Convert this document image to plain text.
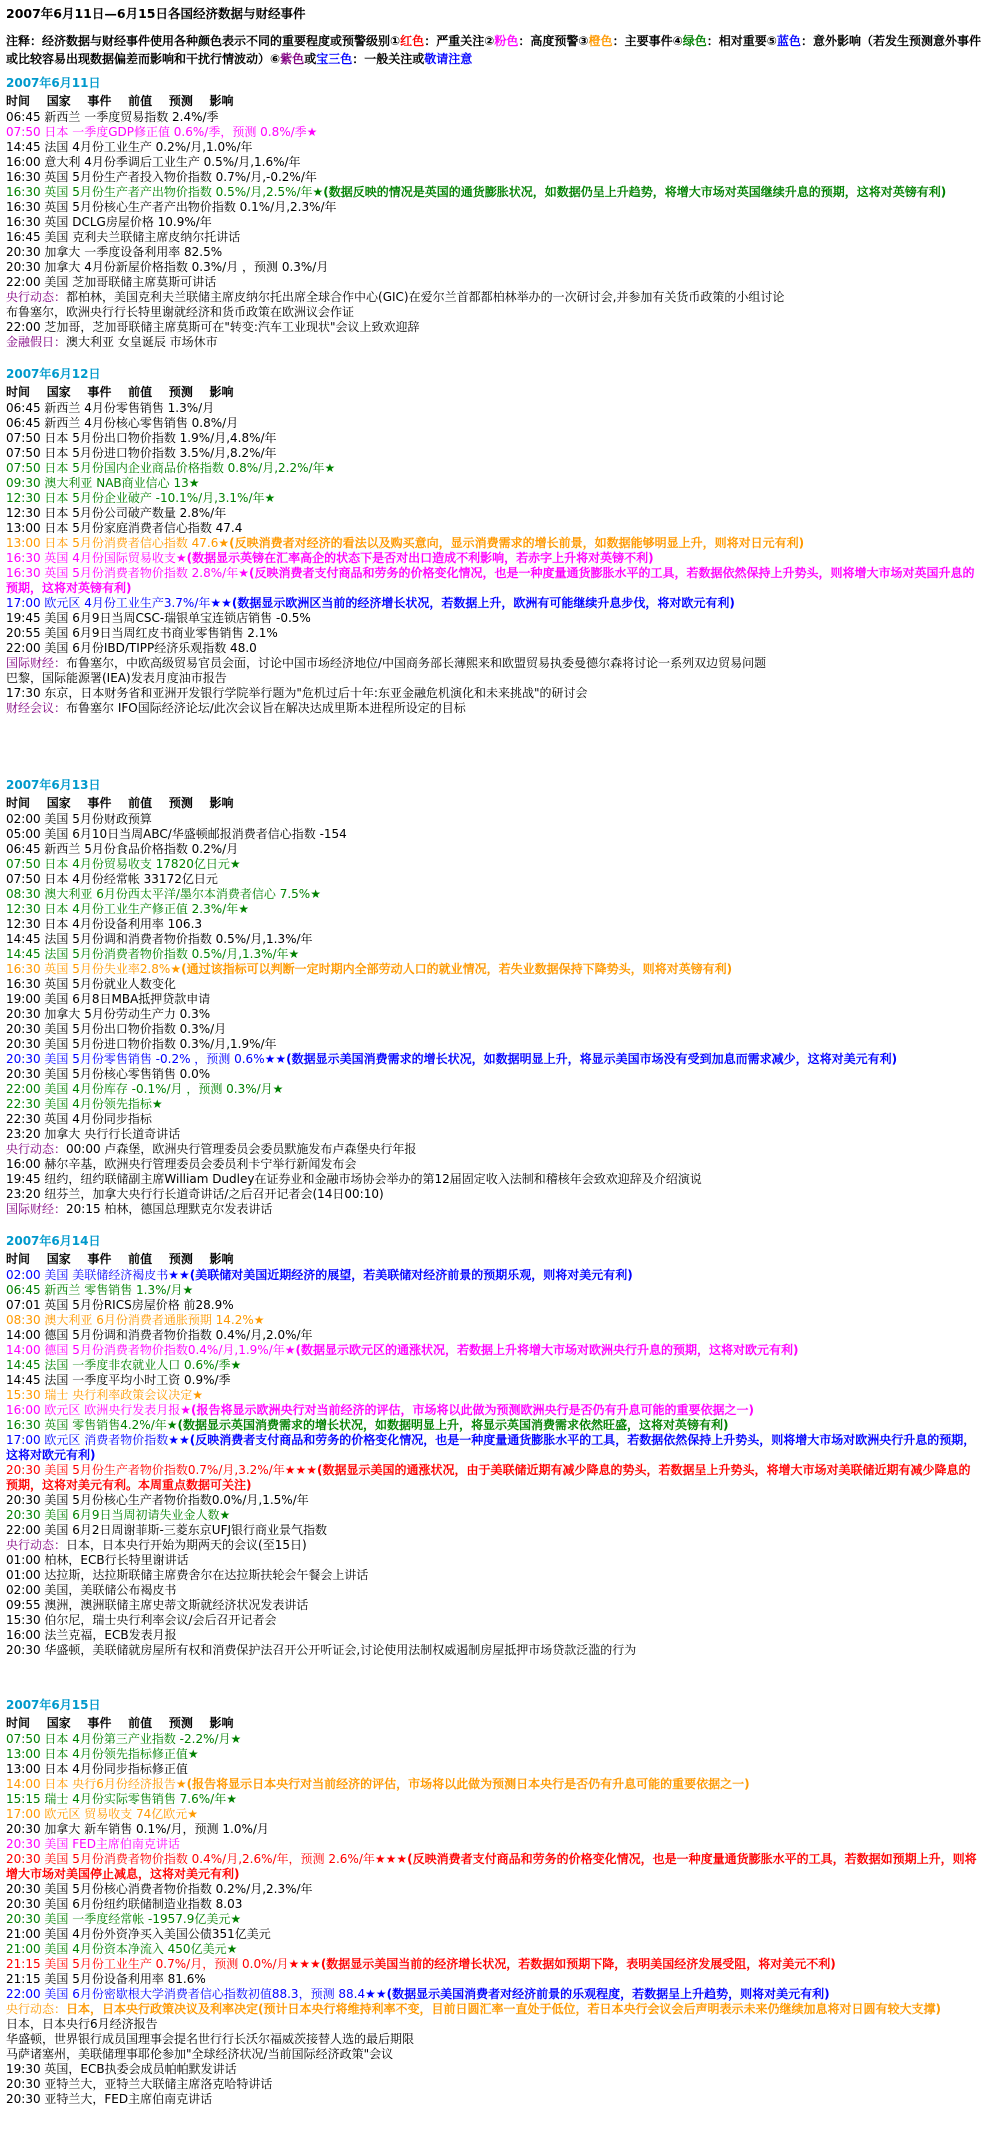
2007年6月11日—6月15日各国经济数据与财经事件
注释：经济数据与财经事件使用各种颜色表示不同的重要程度或预警级别①红色：严重关注②粉色：高度预警③橙色：主要事件④绿色：相对重要⑤蓝色：意外影响（若发生预测意外事件或比较容易出现数据偏差而影响和干扰行情波动）⑥紫色或宝三色：一般关注或敬请注意
2007年6月11日
时间    国家    事件    前值    预测    影响
06:45 新西兰 一季度贸易指数 2.4%/季
07:50 日本 一季度GDP修正值 0.6%/季，预测 0.8%/季★
14:45 法国 4月份工业生产 0.2%/月,1.0%/年
16:00 意大利 4月份季调后工业生产 0.5%/月,1.6%/年
16:30 英国 5月份生产者投入物价指数 0.7%/月,-0.2%/年
16:30 英国 5月份生产者产出物价指数 0.5%/月,2.5%/年★(数据反映的情况是英国的通货膨胀状况，如数据仍呈上升趋势，将增大市场对英国继续升息的预期，这将对英镑有利)
16:30 英国 5月份核心生产者产出物价指数 0.1%/月,2.3%/年
16:30 英国 DCLG房屋价格 10.9%/年
16:45 美国 克利夫兰联储主席皮纳尔托讲话
20:30 加拿大 一季度设备利用率 82.5%
20:30 加拿大 4月份新屋价格指数 0.3%/月 ，预测 0.3%/月
22:00 美国 芝加哥联储主席莫斯可讲话
央行动态：都柏林，美国克利夫兰联储主席皮纳尔托出席全球合作中心(GIC)在爱尔兰首都都柏林举办的一次研讨会,并参加有关货币政策的小组讨论
布鲁塞尔，欧洲央行行长特里谢就经济和货币政策在欧洲议会作证
22:00 芝加哥，芝加哥联储主席莫斯可在"转变:汽车工业现状"会议上致欢迎辞
金融假日：澳大利亚 女皇诞辰 市场休市
2007年6月12日
时间    国家    事件    前值    预测    影响
06:45 新西兰 4月份零售销售 1.3%/月
06:45 新西兰 4月份核心零售销售 0.8%/月
07:50 日本 5月份出口物价指数 1.9%/月,4.8%/年
07:50 日本 5月份进口物价指数 3.5%/月,8.2%/年
07:50 日本 5月份国内企业商品价格指数 0.8%/月,2.2%/年★
09:30 澳大利亚 NAB商业信心 13★
12:30 日本 5月份企业破产 -10.1%/月,3.1%/年★
12:30 日本 5月份公司破产数量 2.8%/年
13:00 日本 5月份家庭消费者信心指数 47.4
13:00 日本 5月份消费者信心指数 47.6★(反映消费者对经济的看法以及购买意向，显示消费需求的增长前景，如数据能够明显上升，则将对日元有利)
16:30 英国 4月份国际贸易收支★(数据显示英镑在汇率高企的状态下是否对出口造成不利影响，若赤字上升将对英镑不利)
16:30 英国 5月份消费者物价指数 2.8%/年★(反映消费者支付商品和劳务的价格变化情况，也是一种度量通货膨胀水平的工具，若数据依然保持上升势头，则将增大市场对英国升息的预期，这将对英镑有利)
17:00 欧元区 4月份工业生产3.7%/年★★(数据显示欧洲区当前的经济增长状况，若数据上升，欧洲有可能继续升息步伐，将对欧元有利)
19:45 美国 6月9日当周CSC-瑞银单宝连锁店销售 -0.5%
20:55 美国 6月9日当周红皮书商业零售销售 2.1%
22:00 美国 6月份IBD/TIPP经济乐观指数 48.0
国际财经：布鲁塞尔，中欧高级贸易官员会面，讨论中国市场经济地位/中国商务部长薄熙来和欧盟贸易执委曼德尔森将讨论一系列双边贸易问题
巴黎，国际能源署(IEA)发表月度油市报告
17:30 东京，日本财务省和亚洲开发银行学院举行题为"危机过后十年:东亚金融危机演化和未来挑战"的研讨会
财经会议：布鲁塞尔 IFO国际经济论坛/此次会议旨在解决达成里斯本进程所设定的目标
2007年6月13日
时间    国家    事件    前值    预测    影响
02:00 美国 5月份财政预算
05:00 美国 6月10日当周ABC/华盛顿邮报消费者信心指数 -154
06:45 新西兰 5月份食品价格指数 0.2%/月
07:50 日本 4月份贸易收支 17820亿日元★
07:50 日本 4月份经常帐 33172亿日元
08:30 澳大利亚 6月份西太平洋/墨尔本消费者信心 7.5%★
12:30 日本 4月份工业生产修正值 2.3%/年★
12:30 日本 4月份设备利用率 106.3
14:45 法国 5月份调和消费者物价指数 0.5%/月,1.3%/年
14:45 法国 5月份消费者物价指数 0.5%/月,1.3%/年★
16:30 英国 5月份失业率2.8%★(通过该指标可以判断一定时期内全部劳动人口的就业情况，若失业数据保持下降势头，则将对英镑有利)
16:30 英国 5月份就业人数变化
19:00 美国 6月8日MBA抵押贷款申请
20:30 加拿大 5月份劳动生产力 0.3%
20:30 美国 5月份出口物价指数 0.3%/月
20:30 美国 5月份进口物价指数 0.3%/月,1.9%/年
20:30 美国 5月份零售销售 -0.2% ，预测 0.6%★★(数据显示美国消费需求的增长状况，如数据明显上升，将显示美国市场没有受到加息而需求减少，这将对美元有利)
20:30 美国 5月份核心零售销售 0.0%
22:00 美国 4月份库存 -0.1%/月 ，预测 0.3%/月★
22:30 美国 4月份领先指标★
22:30 英国 4月份同步指标
23:20 加拿大 央行行长道奇讲话
央行动态：00:00 卢森堡，欧洲央行管理委员会委员默施发布卢森堡央行年报
16:00 赫尔辛基，欧洲央行管理委员会委员利卡宁举行新闻发布会
19:45 纽约，纽约联储副主席William Dudley在证券业和金融市场协会举办的第12届固定收入法制和稽核年会致欢迎辞及介绍演说
23:20 纽芬兰，加拿大央行行长道奇讲话/之后召开记者会(14日00:10)
国际财经：20:15 柏林，德国总理默克尔发表讲话
2007年6月14日
时间    国家    事件    前值    预测    影响
02:00 美国 美联储经济褐皮书★★(美联储对美国近期经济的展望，若美联储对经济前景的预期乐观，则将对美元有利)
06:45 新西兰 零售销售 1.3%/月★
07:01 英国 5月份RICS房屋价格 前28.9%
08:30 澳大利亚 6月份消费者通胀预期 14.2%★
14:00 德国 5月份调和消费者物价指数 0.4%/月,2.0%/年
14:00 德国 5月份消费者物价指数0.4%/月,1.9%/年★(数据显示欧元区的通涨状况，若数据上升将增大市场对欧洲央行升息的预期，这将对欧元有利)
14:45 法国 一季度非农就业人口 0.6%/季★
14:45 法国 一季度平均小时工资 0.9%/季
15:30 瑞士 央行利率政策会议决定★
16:00 欧元区 欧洲央行发表月报★(报告将显示欧洲央行对当前经济的评估，市场将以此做为预测欧洲央行是否仍有升息可能的重要依据之一)
16:30 英国 零售销售4.2%/年★(数据显示英国消费需求的增长状况，如数据明显上升，将显示英国消费需求依然旺盛，这将对英镑有利)
17:00 欧元区 消费者物价指数★★(反映消费者支付商品和劳务的价格变化情况，也是一种度量通货膨胀水平的工具，若数据依然保持上升势头，则将增大市场对欧洲央行升息的预期，这将对欧元有利)
20:30 美国 5月份生产者物价指数0.7%/月,3.2%/年★★★(数据显示美国的通涨状况，由于美联储近期有减少降息的势头，若数据呈上升势头，将增大市场对美联储近期有减少降息的预期，这将对美元有利。本周重点数据可关注)
20:30 美国 5月份核心生产者物价指数0.0%/月,1.5%/年
20:30 美国 6月9日当周初请失业金人数★
22:00 美国 6月2日周谢菲斯-三菱东京UFJ银行商业景气指数
央行动态：日本，日本央行开始为期两天的会议(至15日)
01:00 柏林，ECB行长特里谢讲话
01:00 达拉斯，达拉斯联储主席费舍尔在达拉斯扶轮会午餐会上讲话
02:00 美国，美联储公布褐皮书
09:55 澳洲，澳洲联储主席史蒂文斯就经济状况发表讲话
15:30 伯尔尼，瑞士央行利率会议/会后召开记者会
16:00 法兰克福，ECB发表月报
20:30 华盛顿，美联储就房屋所有权和消费保护法召开公开听证会,讨论使用法制权威遏制房屋抵押市场贷款泛滥的行为
2007年6月15日
时间    国家    事件    前值    预测    影响
07:50 日本 4月份第三产业指数 -2.2%/月★
13:00 日本 4月份领先指标修正值★
13:00 日本 4月份同步指标修正值
14:00 日本 央行6月份经济报告★(报告将显示日本央行对当前经济的评估，市场将以此做为预测日本央行是否仍有升息可能的重要依据之一)
15:15 瑞士 4月份实际零售销售 7.6%/年★
17:00 欧元区 贸易收支 74亿欧元★
20:30 加拿大 新车销售 0.1%/月，预测 1.0%/月
20:30 美国 FED主席伯南克讲话
20:30 美国 5月份消费者物价指数 0.4%/月,2.6%/年，预测 2.6%/年★★★(反映消费者支付商品和劳务的价格变化情况，也是一种度量通货膨胀水平的工具，若数据如预期上升，则将增大市场对美国停止减息，这将对美元有利)
20:30 美国 5月份核心消费者物价指数 0.2%/月,2.3%/年
20:30 美国 6月份纽约联储制造业指数 8.03
20:30 美国 一季度经常帐 -1957.9亿美元★
21:00 美国 4月份外资净买入美国公债351亿美元
21:00 美国 4月份资本净流入 450亿美元★
21:15 美国 5月份工业生产 0.7%/月，预测 0.0%/月★★★(数据显示美国当前的经济增长状况，若数据如预期下降，表明美国经济发展受阻，将对美元不利)
21:15 美国 5月份设备利用率 81.6%
22:00 美国 6月份密歇根大学消费者信心指数初值88.3，预测 88.4★★(数据显示美国消费者对经济前景的乐观程度，若数据呈上升趋势，则将对美元有利)
央行动态：日本，日本央行政策决议及利率决定(预计日本央行将维持利率不变，目前日圆汇率一直处于低位，若日本央行会议会后声明表示未来仍继续加息将对日圆有较大支撑)
日本，日本央行6月经济报告
华盛顿，世界银行成员国理事会提名世行行长沃尔福威茨接替人选的最后期限
马萨诸塞州，美联储理事耶伦参加"全球经济状况/当前国际经济政策"会议
19:30 英国，ECB执委会成员帕帕默发讲话
20:30 亚特兰大，亚特兰大联储主席洛克哈特讲话
20:30 亚特兰大，FED主席伯南克讲话
